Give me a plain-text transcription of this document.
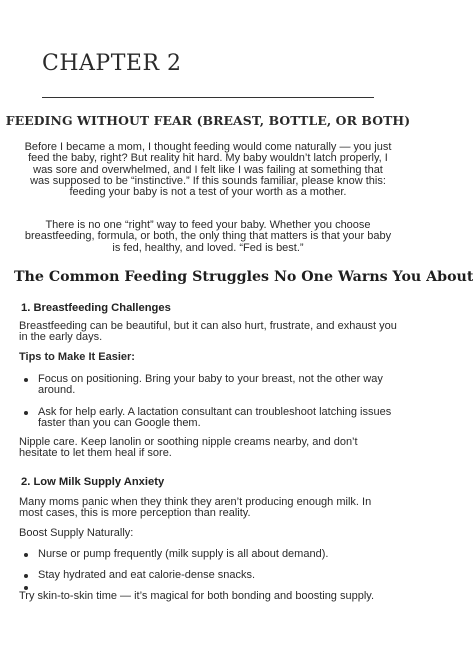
CHAPTER 2
FEEDING WITHOUT FEAR (BREAST, BOTTLE, OR BOTH)

Before I became a mom, I thought feeding would come naturally — you just feed the baby, right? But reality hit hard. My baby wouldn’t latch properly, I was sore and overwhelmed, and I felt like I was failing at something that was supposed to be “instinctive.” If this sounds familiar, please know this: feeding your baby is not a test of your worth as a mother.

There is no one “right” way to feed your baby. Whether you choose breastfeeding, formula, or both, the only thing that matters is that your baby is fed, healthy, and loved. “Fed is best.”

The Common Feeding Struggles No One Warns You About
1. Breastfeeding Challenges

Breastfeeding can be beautiful, but it can also hurt, frustrate, and exhaust you in the early days.

Tips to Make It Easier:

Focus on positioning. Bring your baby to your breast, not the other way around.
Ask for help early. A lactation consultant can troubleshoot latching issues faster than you can Google them.

Nipple care. Keep lanolin or soothing nipple creams nearby, and don’t hesitate to let them heal if sore.

2. Low Milk Supply Anxiety

Many moms panic when they think they aren’t producing enough milk. In most cases, this is more perception than reality.

Boost Supply Naturally:

Nurse or pump frequently (milk supply is all about demand).
Stay hydrated and eat calorie-dense snacks.

Try skin-to-skin time — it’s magical for both bonding and boosting supply.
